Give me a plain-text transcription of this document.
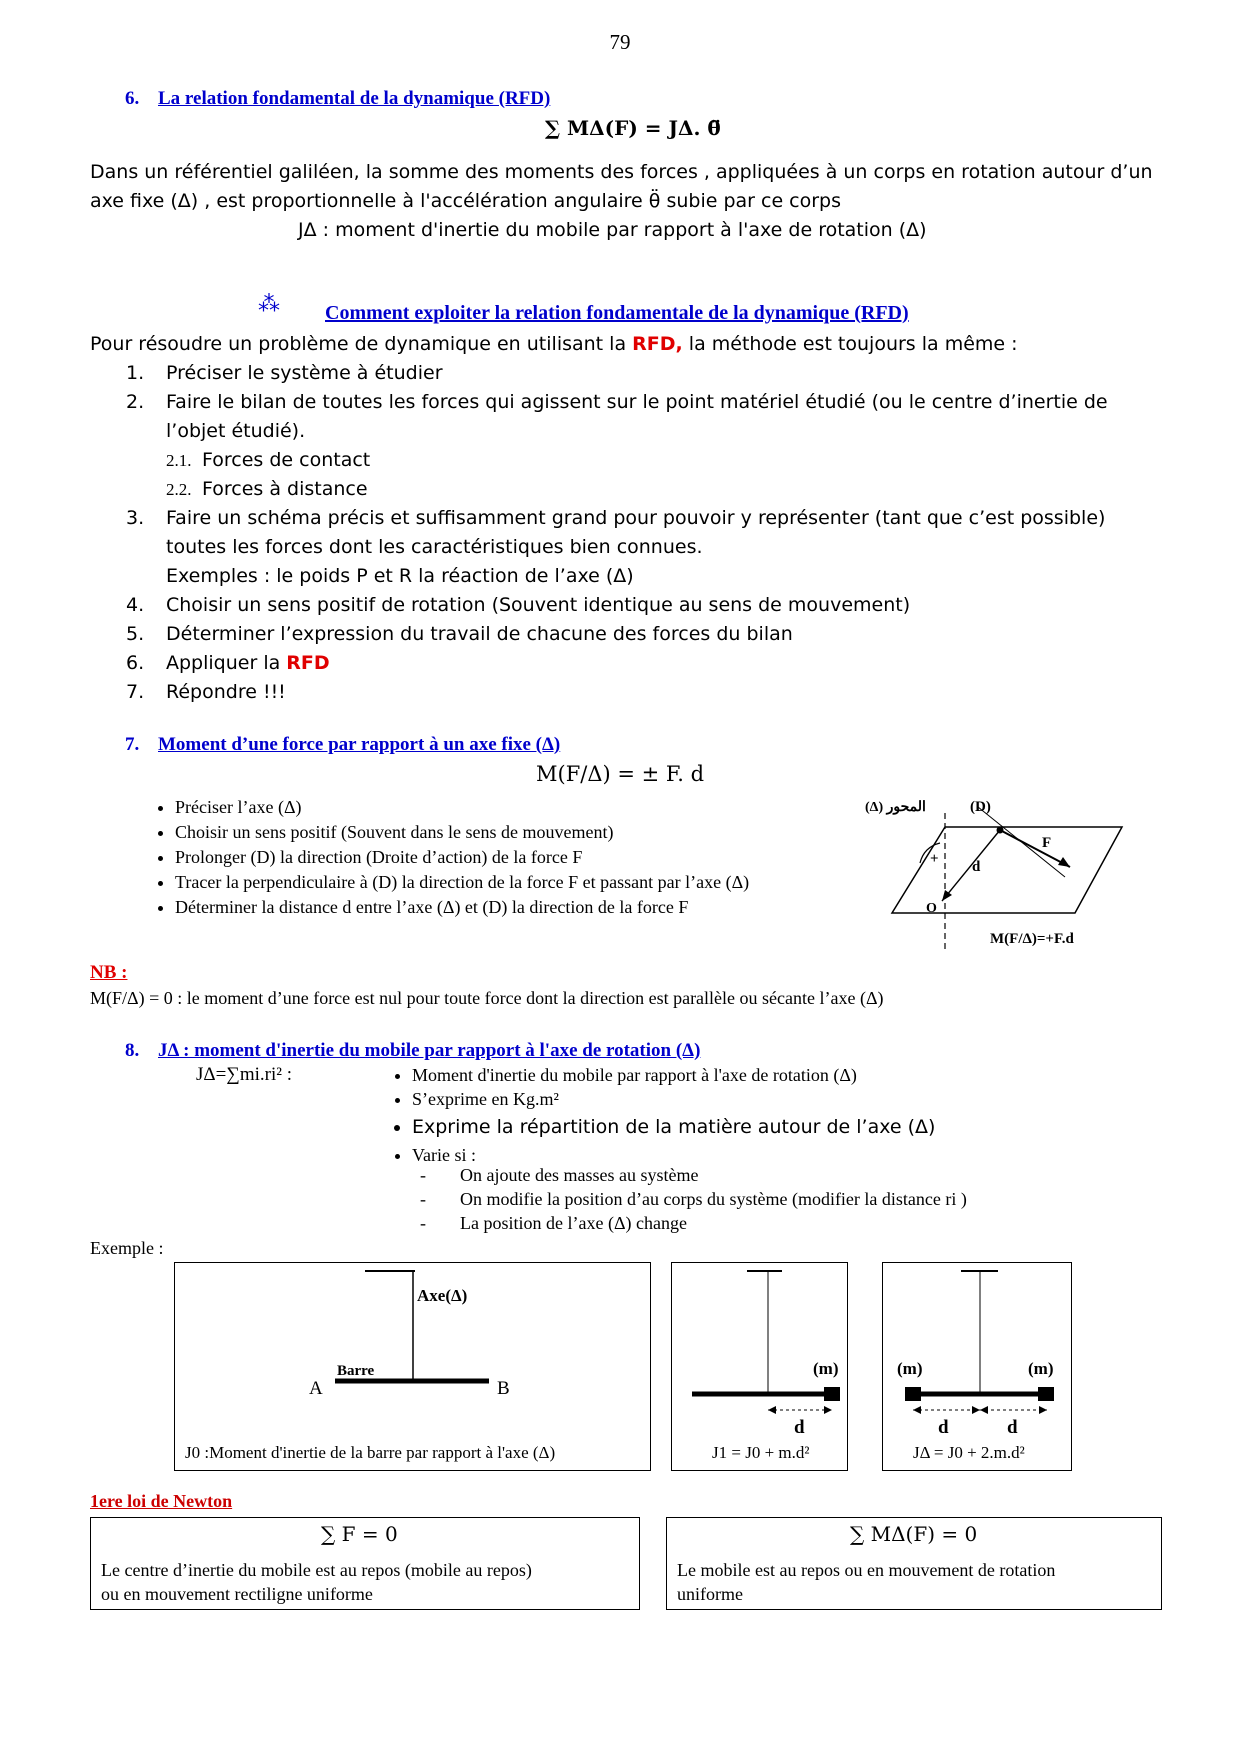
79
6. La relation fondamental de la dynamique (RFD)
∑ MΔ(F) = JΔ. θ̈
Dans un référentiel galiléen, la somme des moments des forces , appliquées à un corps en rotation autour d’un
axe fixe (Δ) , est proportionnelle à l'accélération angulaire θ̈ subie par ce corps
JΔ : moment d'inertie du mobile par rapport à l'axe de rotation (Δ)
⁂ Comment exploiter la relation fondamentale de la dynamique (RFD)
Pour résoudre un problème de dynamique en utilisant la RFD, la méthode est toujours la même :
1. Préciser le système à étudier
2. Faire le bilan de toutes les forces qui agissent sur le point matériel étudié (ou le centre d’inertie de
l’objet étudié).
2.1. Forces de contact
2.2. Forces à distance
3. Faire un schéma précis et suffisamment grand pour pouvoir y représenter (tant que c’est possible)
toutes les forces dont les caractéristiques bien connues.
Exemples : le poids P et R la réaction de l’axe (Δ)
4. Choisir un sens positif de rotation (Souvent identique au sens de mouvement)
5. Déterminer l’expression du travail de chacune des forces du bilan
6. Appliquer la RFD
7. Répondre !!!
7. Moment d’une force par rapport à un axe fixe (Δ)
M(F/Δ) = ± F. d
• Préciser l’axe (Δ)
• Choisir un sens positif (Souvent dans le sens de mouvement)
• Prolonger (D) la direction (Droite d’action) de la force F
• Tracer la perpendiculaire à (D) la direction de la force F et passant par l’axe (Δ)
• Déterminer la distance d entre l’axe (Δ) et (D) la direction de la force F
(Δ) المحور	(D)
F
d
O
+
M(F/Δ)=+F.d
NB :
M(F/Δ) = 0 : le moment d’une force est nul pour toute force dont la direction est parallèle ou sécante l’axe (Δ)
8. JΔ : moment d'inertie du mobile par rapport à l'axe de rotation (Δ)
JΔ=∑mi.ri² :
•	Moment d'inertie du mobile par rapport à l'axe de rotation (Δ)
• S’exprime en Kg.m²
• Exprime la répartition de la matière autour de l’axe (Δ)
• Varie si :
- On ajoute des masses au système
- On modifie la position d’au corps du système (modifier la distance ri )
- La position de l’axe (Δ) change
Exemple :
Axe(Δ)
Barre
A	B
J0 :Moment d'inertie de la barre par rapport à l'axe (Δ)
(m)
d
J1 = J0 + m.d²
(m)	(m)
d	d
JΔ = J0 + 2.m.d²
1ere loi de Newton
∑ F = 0
Le centre d’inertie du mobile est au repos (mobile au repos)
ou en mouvement rectiligne uniforme
∑ MΔ(F) = 0
Le mobile est au repos ou en mouvement de rotation
uniforme
